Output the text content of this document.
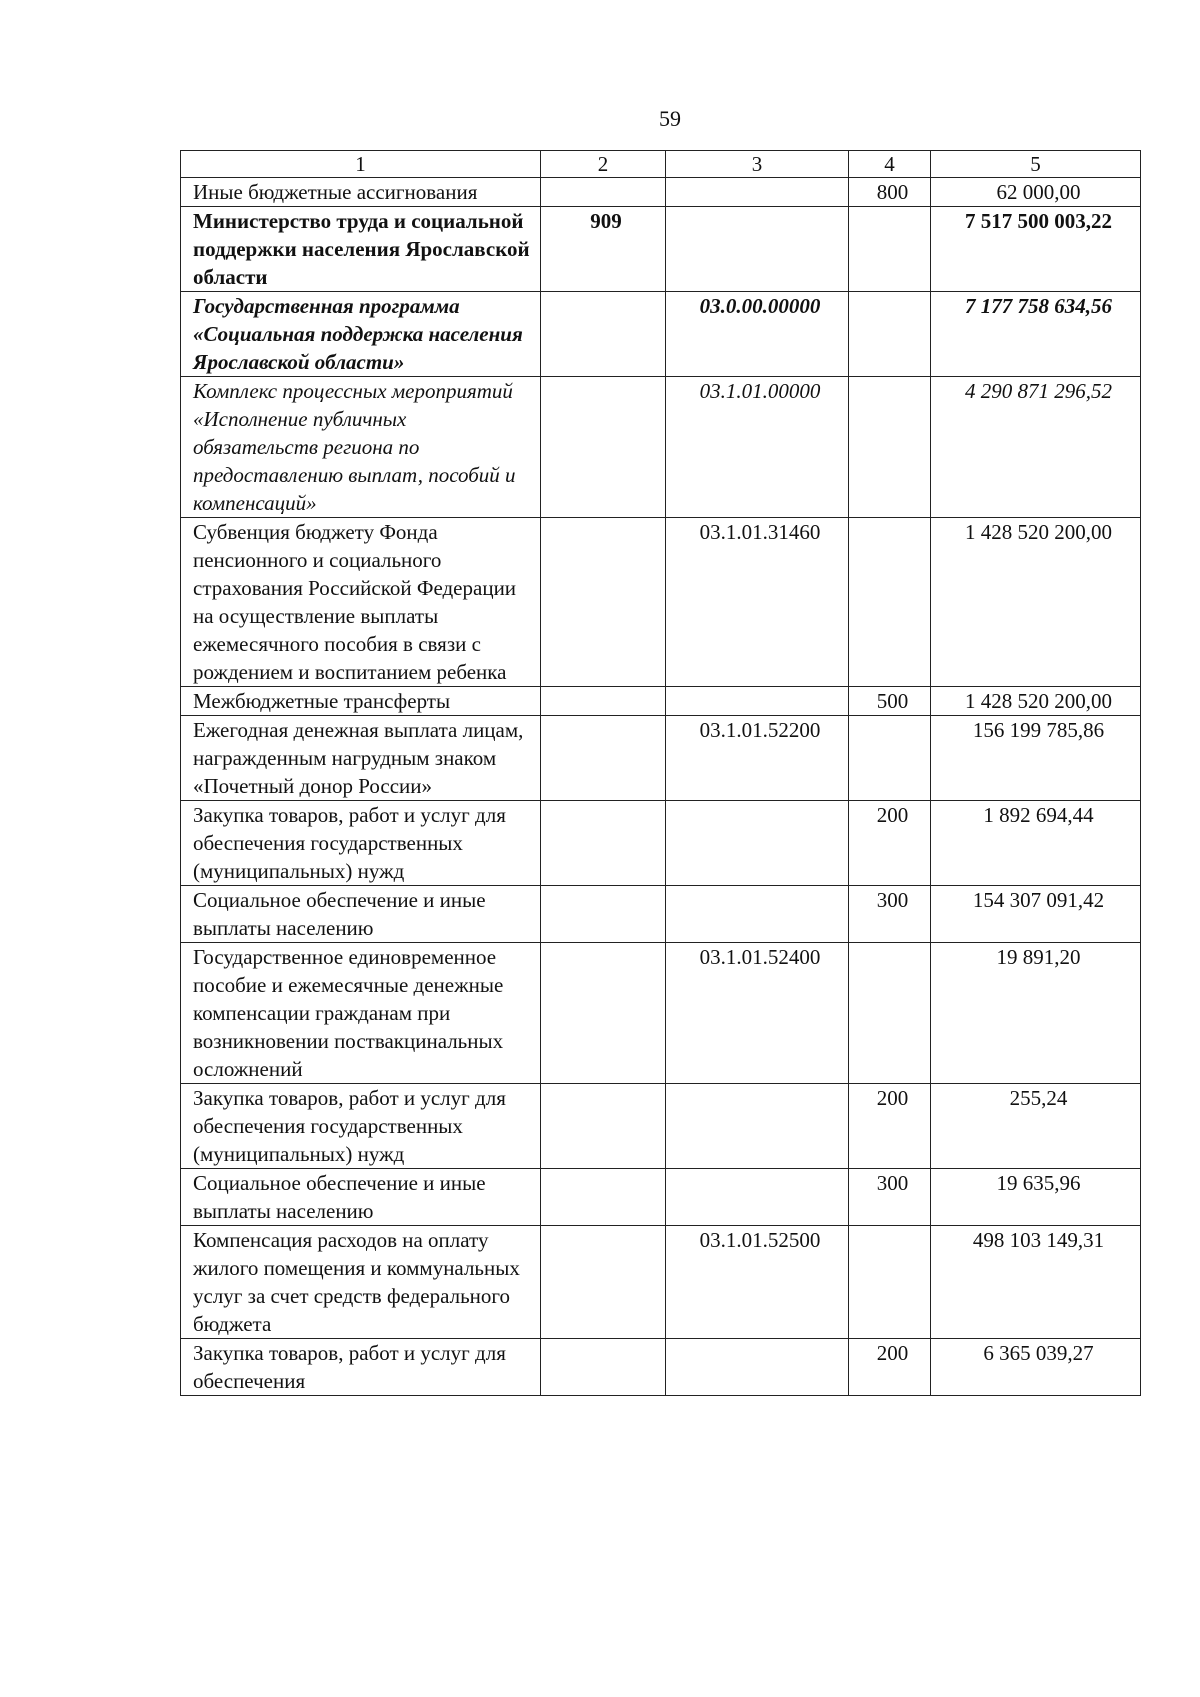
59
1	2	3	4	5
Иные бюджетные ассигнования			800	62 000,00
Министерство труда и социальной поддержки населения Ярославской области	909			7 517 500 003,22
Государственная программа «Социальная поддержка населения Ярославской области»		03.0.00.00000		7 177 758 634,56
Комплекс процессных мероприятий «Исполнение публичных обязательств региона по предоставлению выплат, пособий и компенсаций»		03.1.01.00000		4 290 871 296,52
Субвенция бюджету Фонда пенсионного и социального страхования Российской Федерации на осуществление выплаты ежемесячного пособия в связи с рождением и воспитанием ребенка		03.1.01.31460		1 428 520 200,00
Межбюджетные трансферты			500	1 428 520 200,00
Ежегодная денежная выплата лицам, награжденным нагрудным знаком «Почетный донор России»		03.1.01.52200		156 199 785,86
Закупка товаров, работ и услуг для обеспечения государственных (муниципальных) нужд			200	1 892 694,44
Социальное обеспечение и иные выплаты населению			300	154 307 091,42
Государственное единовременное пособие и ежемесячные денежные компенсации гражданам при возникновении поствакцинальных осложнений		03.1.01.52400		19 891,20
Закупка товаров, работ и услуг для обеспечения государственных (муниципальных) нужд			200	255,24
Социальное обеспечение и иные выплаты населению			300	19 635,96
Компенсация расходов на оплату жилого помещения и коммунальных услуг за счет средств федерального бюджета		03.1.01.52500		498 103 149,31
Закупка товаров, работ и услуг для обеспечения			200	6 365 039,27
